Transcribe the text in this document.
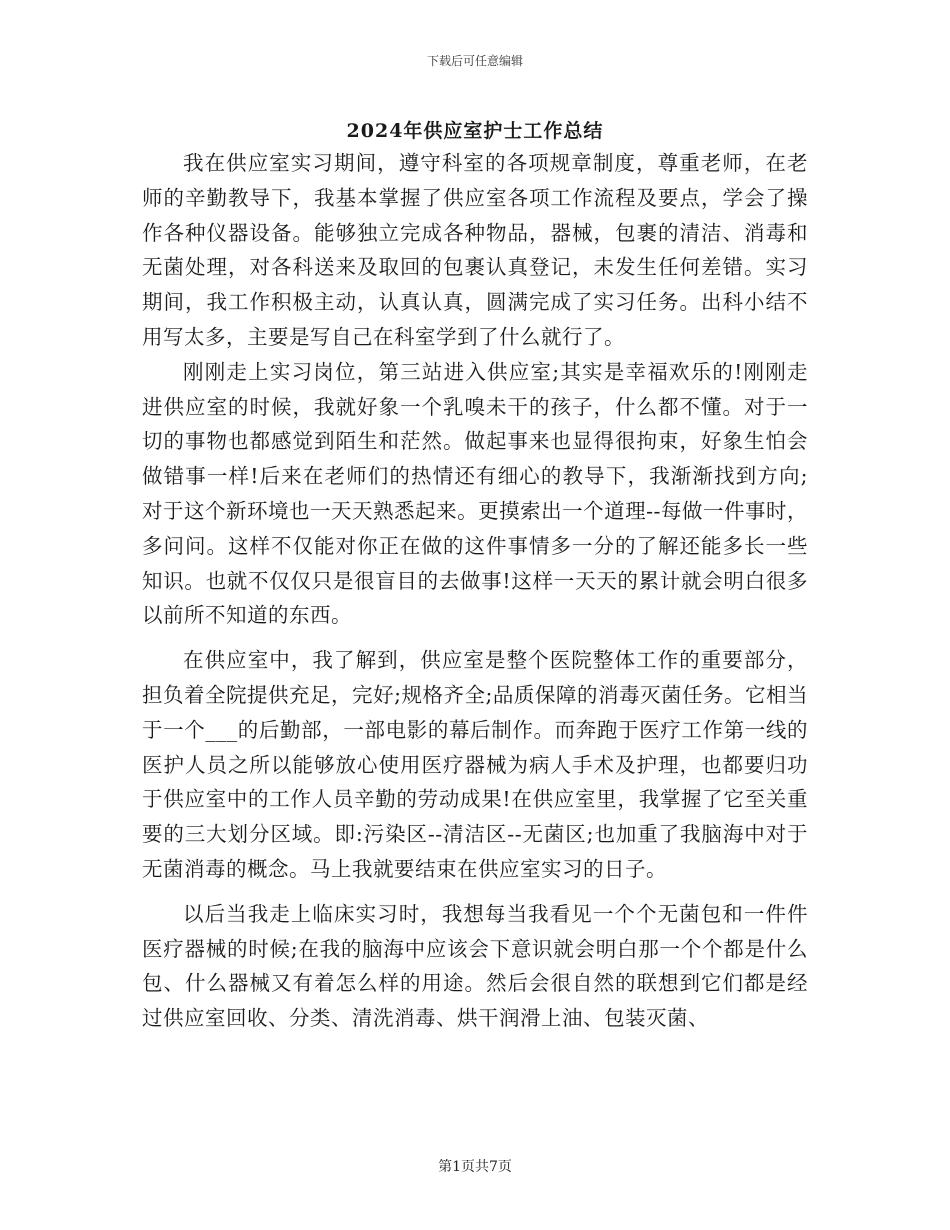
下载后可任意编辑
2024年供应室护士工作总结

我在供应室实习期间，遵守科室的各项规章制度，尊重老师，在老师的辛勤教导下，我基本掌握了供应室各项工作流程及要点，学会了操作各种仪器设备。能够独立完成各种物品，器械，包裹的清洁、消毒和无菌处理，对各科送来及取回的包裹认真登记，未发生任何差错。实习期间，我工作积极主动，认真认真，圆满完成了实习任务。出科小结不用写太多，主要是写自己在科室学到了什么就行了。

刚刚走上实习岗位，第三站进入供应室;其实是幸福欢乐的!刚刚走进供应室的时候，我就好象一个乳嗅未干的孩子，什么都不懂。对于一切的事物也都感觉到陌生和茫然。做起事来也显得很拘束，好象生怕会做错事一样!后来在老师们的热情还有细心的教导下，我渐渐找到方向;对于这个新环境也一天天熟悉起来。更摸索出一个道理--每做一件事时，多问问。这样不仅能对你正在做的这件事情多一分的了解还能多长一些知识。也就不仅仅只是很盲目的去做事!这样一天天的累计就会明白很多以前所不知道的东西。

在供应室中，我了解到，供应室是整个医院整体工作的重要部分，担负着全院提供充足，完好;规格齐全;品质保障的消毒灭菌任务。它相当于一个___的后勤部，一部电影的幕后制作。而奔跑于医疗工作第一线的医护人员之所以能够放心使用医疗器械为病人手术及护理，也都要归功于供应室中的工作人员辛勤的劳动成果!在供应室里，我掌握了它至关重要的三大划分区域。即:污染区--清洁区--无菌区;也加重了我脑海中对于无菌消毒的概念。马上我就要结束在供应室实习的日子。

以后当我走上临床实习时，我想每当我看见一个个无菌包和一件件医疗器械的时候;在我的脑海中应该会下意识就会明白那一个个都是什么包、什么器械又有着怎么样的用途。然后会很自然的联想到它们都是经过供应室回收、分类、清洗消毒、烘干润滑上油、包装灭菌、

第1页共7页
